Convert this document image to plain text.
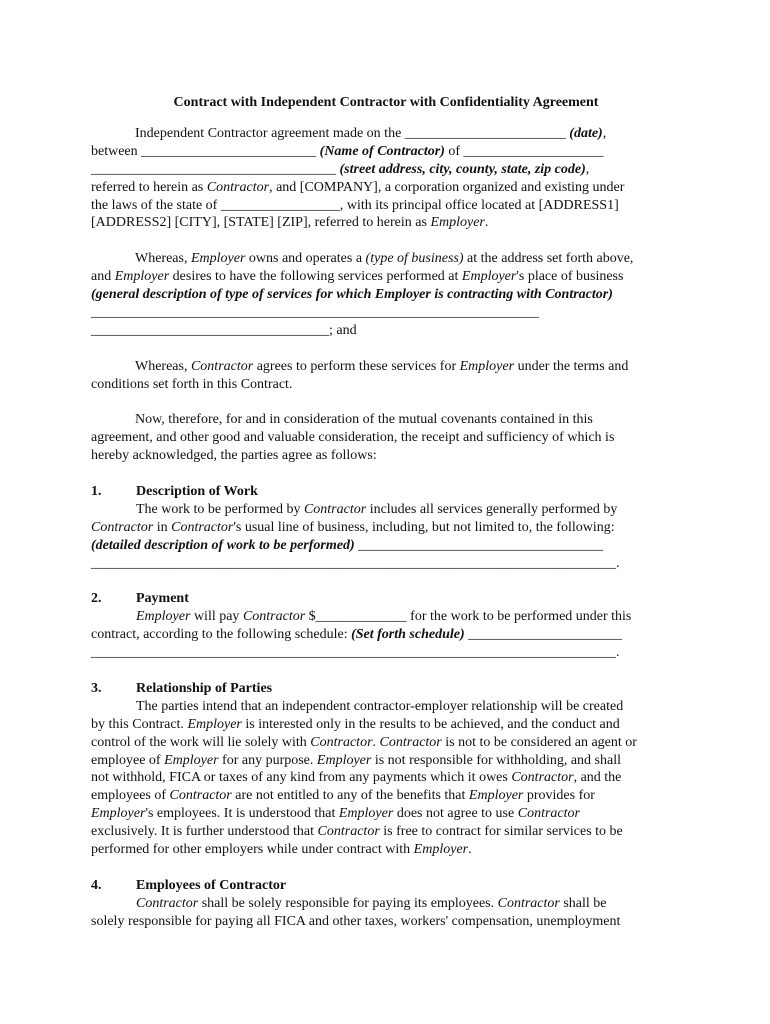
Contract with Independent Contractor with Confidentiality Agreement
Independent Contractor agreement made on the _______________________ (date),
between _________________________ (Name of Contractor) of ____________________
___________________________________ (street address, city, county, state, zip code),
referred to herein as Contractor, and [COMPANY], a corporation organized and existing under
the laws of the state of _________________, with its principal office located at [ADDRESS1]
[ADDRESS2] [CITY], [STATE] [ZIP], referred to herein as Employer.
Whereas, Employer owns and operates a (type of business) at the address set forth above,
and Employer desires to have the following services performed at Employer's place of business
(general description of type of services for which Employer is contracting with Contractor)
________________________________________________________________
__________________________________; and
Whereas, Contractor agrees to perform these services for Employer under the terms and
conditions set forth in this Contract.
Now, therefore, for and in consideration of the mutual covenants contained in this
agreement, and other good and valuable consideration, the receipt and sufficiency of which is
hereby acknowledged, the parties agree as follows:
1. Description of Work
The work to be performed by Contractor includes all services generally performed by
Contractor in Contractor's usual line of business, including, but not limited to, the following:
(detailed description of work to be performed) ___________________________________
___________________________________________________________________________.
2. Payment
Employer will pay Contractor $_____________ for the work to be performed under this
contract, according to the following schedule: (Set forth schedule) ______________________
___________________________________________________________________________.
3. Relationship of Parties
The parties intend that an independent contractor-employer relationship will be created
by this Contract. Employer is interested only in the results to be achieved, and the conduct and
control of the work will lie solely with Contractor. Contractor is not to be considered an agent or
employee of Employer for any purpose. Employer is not responsible for withholding, and shall
not withhold, FICA or taxes of any kind from any payments which it owes Contractor, and the
employees of Contractor are not entitled to any of the benefits that Employer provides for
Employer's employees. It is understood that Employer does not agree to use Contractor
exclusively. It is further understood that Contractor is free to contract for similar services to be
performed for other employers while under contract with Employer.
4. Employees of Contractor
Contractor shall be solely responsible for paying its employees. Contractor shall be
solely responsible for paying all FICA and other taxes, workers' compensation, unemployment
